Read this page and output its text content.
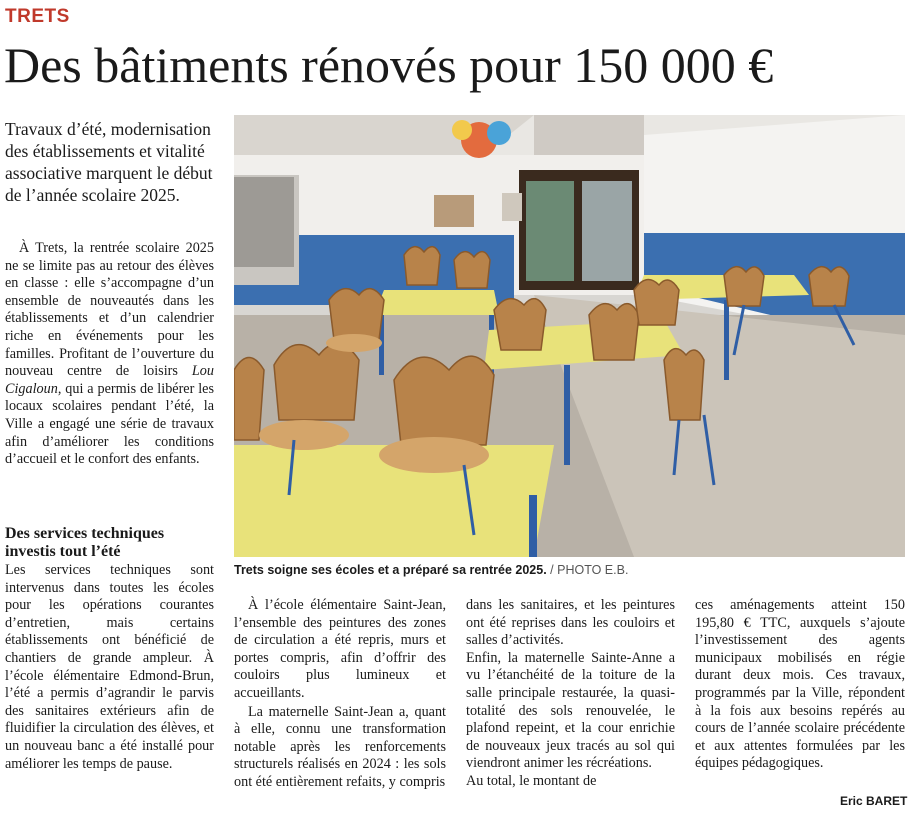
TRETS
Des bâtiments rénovés pour 150 000 €
Travaux d’été, modernisation des établissements et vitalité associative marquent le début de l’année scolaire 2025.

À Trets, la rentrée scolaire 2025 ne se limite pas au retour des élèves en classe : elle s’accompagne d’un ensemble de nouveautés dans les établissements et d’un calendrier riche en événements pour les familles. Profitant de l’ouverture du nouveau centre de loisirs Lou Cigaloun, qui a permis de libérer les locaux scolaires pendant l’été, la Ville a engagé une série de travaux afin d’améliorer les conditions d’accueil et le confort des enfants.

Des services techniques investis tout l’été

Les services techniques sont intervenus dans toutes les écoles pour les opérations courantes d’entretien, mais certains établissements ont bénéficié de chantiers de grande ampleur. À l’école élémentaire Edmond-Brun, l’été a permis d’agrandir le parvis des sanitaires extérieurs afin de fluidifier la circulation des élèves, et un nouveau banc a été installé pour améliorer les temps de pause.

Trets soigne ses écoles et a préparé sa rentrée 2025. / PHOTO E.B.

À l’école élémentaire Saint-Jean, l’ensemble des peintures des zones de circulation a été repris, murs et portes compris, afin d’offrir des couloirs plus lumineux et accueillants.

La maternelle Saint-Jean a, quant à elle, connu une transformation notable après les renforcements structurels réalisés en 2024 : les sols ont été entièrement refaits, y compris

dans les sanitaires, et les peintures ont été reprises dans les couloirs et salles d’activités.

Enfin, la maternelle Sainte-Anne a vu l’étanchéité de la toiture de la salle principale restaurée, la quasi-totalité des sols renouvelée, le plafond repeint, et la cour enrichie de nouveaux jeux tracés au sol qui viendront animer les récréations.

Au total, le montant de

ces aménagements atteint 150 195,80 € TTC, auxquels s’ajoute l’investissement des agents municipaux mobilisés en régie durant deux mois. Ces travaux, programmés par la Ville, répondent à la fois aux besoins repérés au cours de l’année scolaire précédente et aux attentes formulées par les équipes pédagogiques.

Eric BARET
